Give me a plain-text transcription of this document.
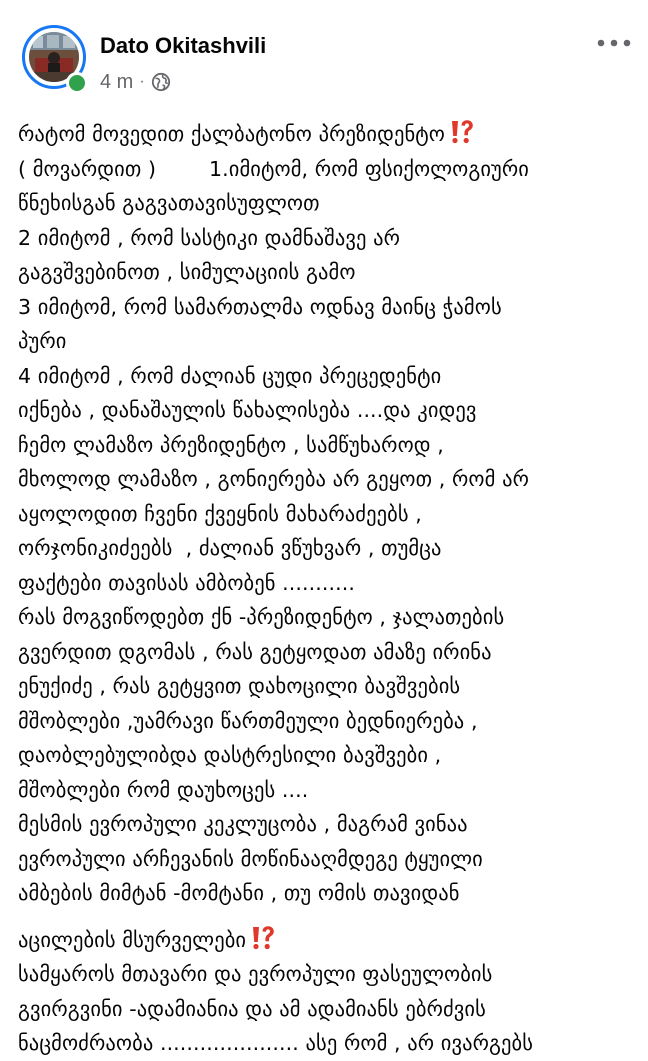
Dato Okitashvili
4 m ·
რატომ მოვედით ქალბატონო პრეზიდენტო
( მოვარდით )        1.იმიტომ, რომ ფსიქოლოგიური
წნეხისგან გაგვათავისუფლოთ
2 იმიტომ , რომ სასტიკი დამნაშავე არ
გაგვშვებინოთ , სიმულაციის გამო
3 იმიტომ, რომ სამართალმა ოდნავ მაინც ჭამოს
პური
4 იმიტომ , რომ ძალიან ცუდი პრეცედენტი
იქნება , დანაშაულის წახალისება ....და კიდევ
ჩემო ლამაზო პრეზიდენტო , სამწუხაროდ ,
მხოლოდ ლამაზო , გონიერება არ გეყოთ , რომ არ
აყოლოდით ჩვენი ქვეყნის მახარაძეებს ,
ორჯონიკიძეებს  , ძალიან ვწუხვარ , თუმცა
ფაქტები თავისას ამბობენ ...........
რას მოგვიწოდებთ ქნ -პრეზიდენტო , ჯალათების
გვერდით დგომას , რას გეტყოდათ ამაზე ირინა
ენუქიძე , რას გეტყვით დახოცილი ბავშვების
მშობლები ,უამრავი წართმეული ბედნიერება ,
დაობლებულიბდა დასტრესილი ბავშვები ,
მშობლები რომ დაუხოცეს ....
მესმის ევროპული კეკლუცობა , მაგრამ ვინაა
ევროპული არჩევანის მოწინააღმდეგე ტყუილი
ამბების მიმტან -მომტანი , თუ ომის თავიდან
აცილების მსურველები
სამყაროს მთავარი და ევროპული ფასეულობის
გვირგვინი -ადამიანია და ამ ადამიანს ებრძვის
ნაცმოძრაობა ..................... ასე რომ , არ ივარგებს
